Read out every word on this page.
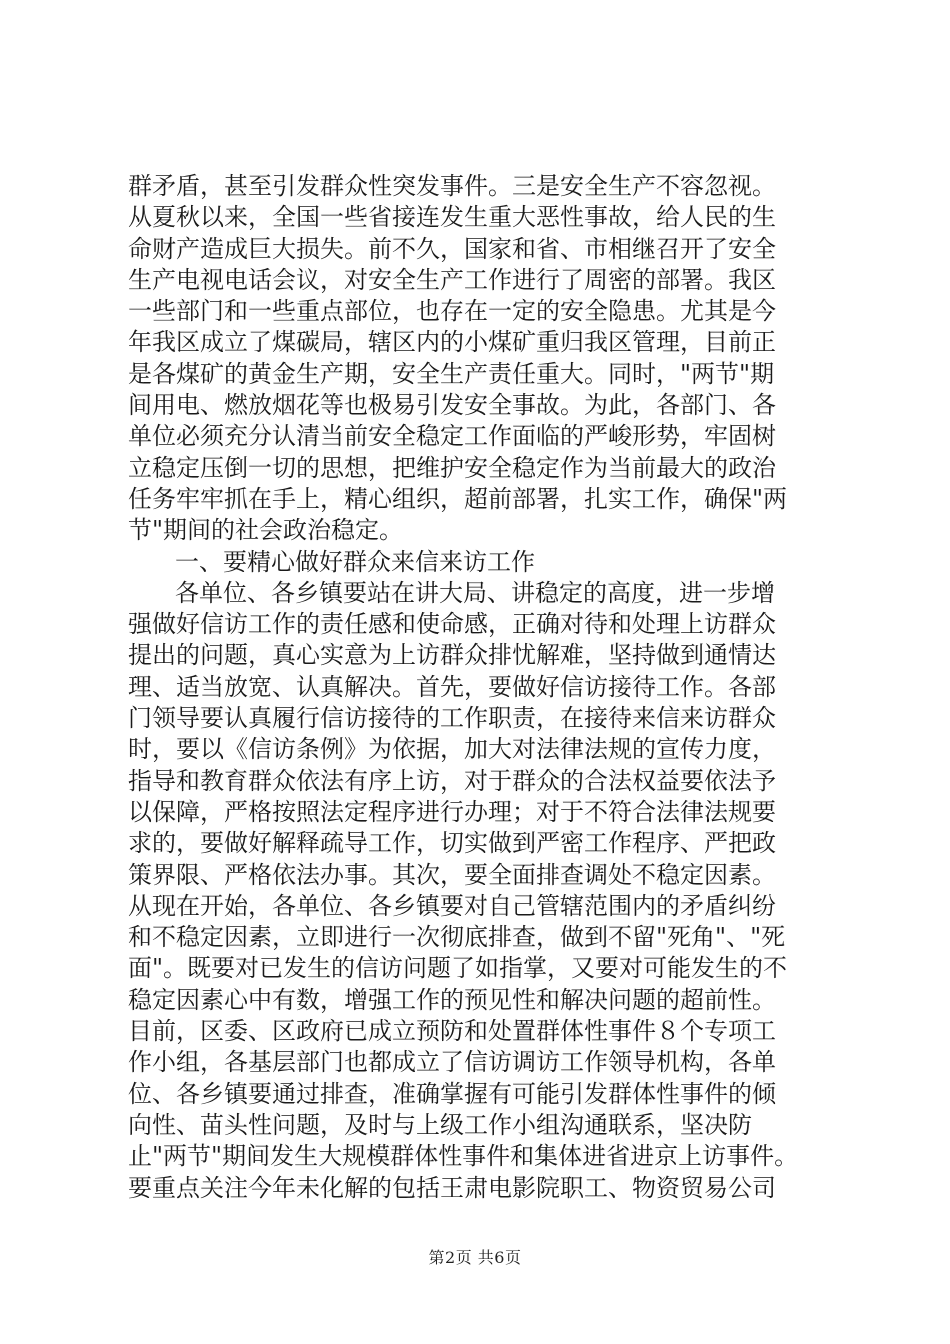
群矛盾，甚至引发群众性突发事件。三是安全生产不容忽视。
从夏秋以来，全国一些省接连发生重大恶性事故，给人民的生
命财产造成巨大损失。前不久，国家和省、市相继召开了安全
生产电视电话会议，对安全生产工作进行了周密的部署。我区
一些部门和一些重点部位，也存在一定的安全隐患。尤其是今
年我区成立了煤碳局，辖区内的小煤矿重归我区管理，目前正
是各煤矿的黄金生产期，安全生产责任重大。同时，"两节"期
间用电、燃放烟花等也极易引发安全事故。为此，各部门、各
单位必须充分认清当前安全稳定工作面临的严峻形势，牢固树
立稳定压倒一切的思想，把维护安全稳定作为当前最大的政治
任务牢牢抓在手上，精心组织，超前部署，扎实工作，确保"两
节"期间的社会政治稳定。
一、要精心做好群众来信来访工作
各单位、各乡镇要站在讲大局、讲稳定的高度，进一步增
强做好信访工作的责任感和使命感，正确对待和处理上访群众
提出的问题，真心实意为上访群众排忧解难，坚持做到通情达
理、适当放宽、认真解决。首先，要做好信访接待工作。各部
门领导要认真履行信访接待的工作职责，在接待来信来访群众
时，要以《信访条例》为依据，加大对法律法规的宣传力度，
指导和教育群众依法有序上访，对于群众的合法权益要依法予
以保障，严格按照法定程序进行办理；对于不符合法律法规要
求的，要做好解释疏导工作，切实做到严密工作程序、严把政
策界限、严格依法办事。其次，要全面排查调处不稳定因素。
从现在开始，各单位、各乡镇要对自己管辖范围内的矛盾纠纷
和不稳定因素，立即进行一次彻底排查，做到不留"死角"、"死
面"。既要对已发生的信访问题了如指掌，又要对可能发生的不
稳定因素心中有数，增强工作的预见性和解决问题的超前性。
目前，区委、区政府已成立预防和处置群体性事件８个专项工
作小组，各基层部门也都成立了信访调访工作领导机构，各单
位、各乡镇要通过排查，准确掌握有可能引发群体性事件的倾
向性、苗头性问题，及时与上级工作小组沟通联系，坚决防
止"两节"期间发生大规模群体性事件和集体进省进京上访事件。
要重点关注今年未化解的包括王肃电影院职工、物资贸易公司
第2页 共6页
